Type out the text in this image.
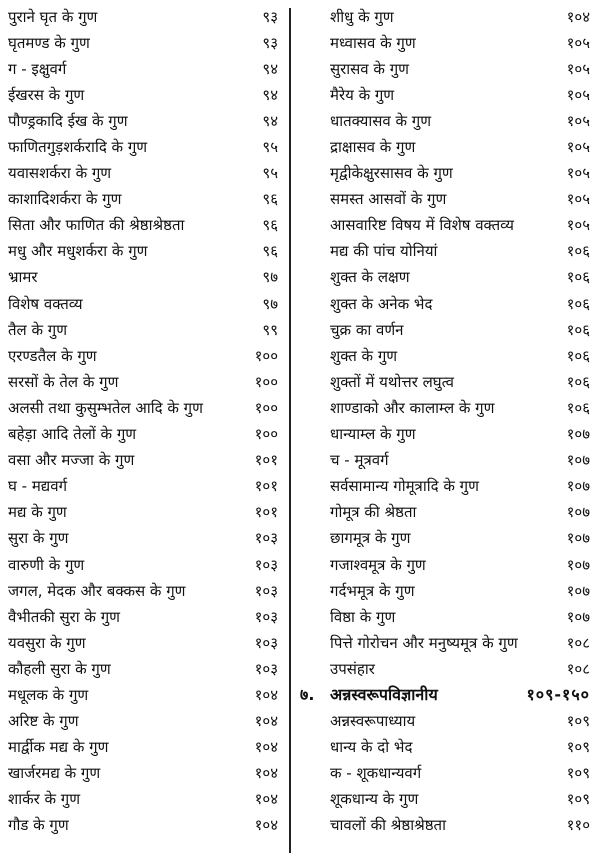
पुराने घृत के गुण	९३
घृतमण्ड के गुण	९३
ग - इक्षुवर्ग	९४
ईखरस के गुण	९४
पौण्ड्रकादि ईख के गुण	९४
फाणितगुड़शर्करादि के गुण	९५
यवासशर्करा के गुण	९५
काशादिशर्करा के गुण	९६
सिता और फाणित की श्रेष्ठाश्रेष्ठता	९६
मधु और मधुशर्करा के गुण	९६
भ्रामर	९७
विशेष वक्तव्य	९७
तैल के गुण	९९
एरण्डतैल के गुण	१००
सरसों के तेल के गुण	१००
अलसी तथा कुसुम्भतेल आदि के गुण	१००
बहेड़ा आदि तेलों के गुण	१००
वसा और मज्जा के गुण	१०१
घ - मद्यवर्ग	१०१
मद्य के गुण	१०१
सुरा के गुण	१०३
वारुणी के गुण	१०३
जगल, मेदक और बक्कस के गुण	१०३
वैभीतकी सुरा के गुण	१०३
यवसुरा के गुण	१०३
कौहली सुरा के गुण	१०३
मधूलक के गुण	१०४
अरिष्ट के गुण	१०४
मार्द्वीक मद्य के गुण	१०४
खार्जरमद्य के गुण	१०४
शार्कर के गुण	१०४
गौड के गुण	१०४
शीधु के गुण	१०४
मध्वासव के गुण	१०५
सुरासव के गुण	१०५
मैरेय के गुण	१०५
धातक्यासव के गुण	१०५
द्राक्षासव के गुण	१०५
मृद्वीकेक्षुरसासव के गुण	१०५
समस्त आसवों के गुण	१०५
आसवारिष्ट विषय में विशेष वक्तव्य	१०५
मद्य की पांच योनियां	१०६
शुक्त के लक्षण	१०६
शुक्त के अनेक भेद	१०६
चुक्र का वर्णन	१०६
शुक्त के गुण	१०६
शुक्तों में यथोत्तर लघुत्व	१०६
शाण्डाको और कालाम्ल के गुण	१०६
धान्याम्ल के गुण	१०७
च - मूत्रवर्ग	१०७
सर्वसामान्य गोमूत्रादि के गुण	१०७
गोमूत्र की श्रेष्ठता	१०७
छागमूत्र के गुण	१०७
गजाश्वमूत्र के गुण	१०७
गर्दभमूत्र के गुण	१०७
विष्ठा के गुण	१०७
पित्ते गोरोचन और मनुष्यमूत्र के गुण	१०८
उपसंहार	१०८
७. अन्नस्वरूपविज्ञानीय	१०९-१५०
अन्नस्वरूपाध्याय	१०९
धान्य के दो भेद	१०९
क - शूकधान्यवर्ग	१०९
शूकधान्य के गुण	१०९
चावलों की श्रेष्ठाश्रेष्ठता	११०
